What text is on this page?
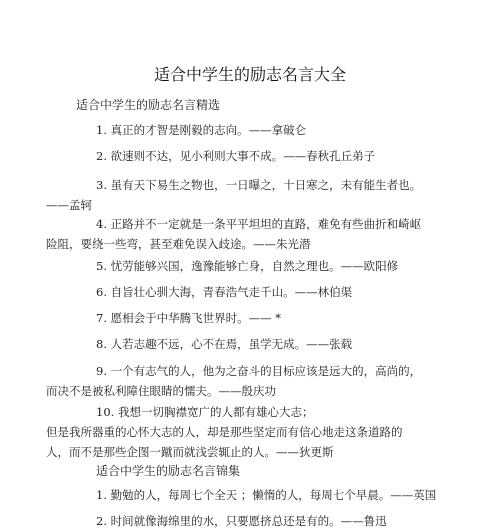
适合中学生的励志名言大全
适合中学生的励志名言精选
1. 真正的才智是刚毅的志向。——拿破仑
2. 欲速则不达，见小利则大事不成。——春秋孔丘弟子
3. 虽有天下易生之物也，一日曝之，十日寒之，未有能生者也。
——孟轲
4. 正路并不一定就是一条平平坦坦的直路，难免有些曲折和崎岖
险阻，要绕一些弯，甚至难免误入歧途。——朱光潜
5. 忧劳能够兴国，逸豫能够亡身，自然之理也。——欧阳修
6. 自旨壮心驯大海，青春浩气走千山。——林伯渠
7. 愿相会于中华腾飞世界时。—— *
8. 人若志趣不远，心不在焉，虽学无成。——张载
9. 一个有志气的人，他为之奋斗的目标应该是远大的，高尚的，
而决不是被私利障住眼睛的懦夫。——殷庆功
10. 我想一切胸襟宽广的人都有雄心大志；
但是我所器重的心怀大志的人，却是那些坚定而有信心地走这条道路的
人，而不是那些企图一蹴而就浅尝辄止的人。——狄更斯
适合中学生的励志名言锦集
1. 勤勉的人，每周七个全天 ；懒惰的人，每周七个早晨。——英国
2. 时间就像海绵里的水，只要愿挤总还是有的。——鲁迅
